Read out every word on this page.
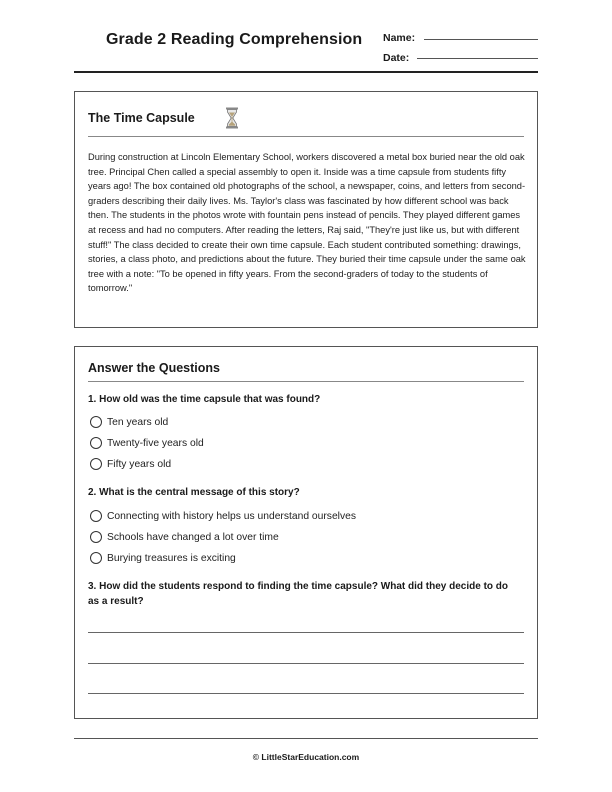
Grade 2 Reading Comprehension Name:
Date:
The Time Capsule
During construction at Lincoln Elementary School, workers discovered a metal box buried near the old oak tree. Principal Chen called a special assembly to open it. Inside was a time capsule from students fifty years ago! The box contained old photographs of the school, a newspaper, coins, and letters from second-graders describing their daily lives. Ms. Taylor's class was fascinated by how different school was back then. The students in the photos wrote with fountain pens instead of pencils. They played different games at recess and had no computers. After reading the letters, Raj said, "They're just like us, but with different stuff!" The class decided to create their own time capsule. Each student contributed something: drawings, stories, a class photo, and predictions about the future. They buried their time capsule under the same oak tree with a note: "To be opened in fifty years. From the second-graders of today to the students of tomorrow."
Answer the Questions
1. How old was the time capsule that was found?
Ten years old
Twenty-five years old
Fifty years old
2. What is the central message of this story?
Connecting with history helps us understand ourselves
Schools have changed a lot over time
Burying treasures is exciting
3. How did the students respond to finding the time capsule? What did they decide to do as a result?
© LittleStarEducation.com
